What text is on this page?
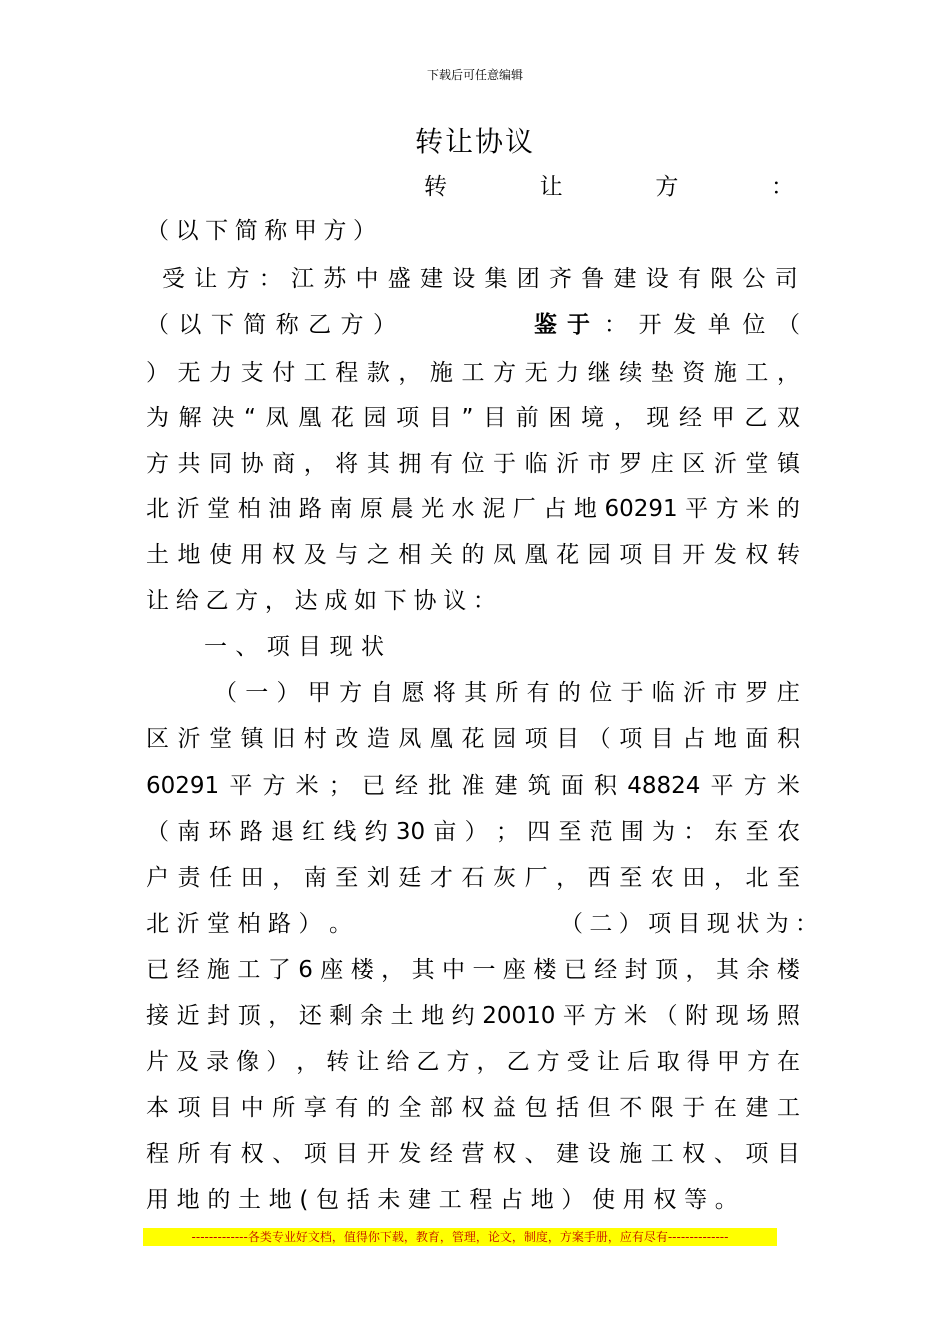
下载后可任意编辑
转让协议
转	让	方	：
（ 以 下 简 称 甲 方 ）
受 让 方 ： 江 苏 中 盛 建 设 集 团 齐 鲁 建 设 有 限 公 司
（ 以 下 简 称 乙 方 ）	鉴于 ： 开 发 单 位 （
） 无 力 支 付 工 程 款 ， 施 工 方 无 力 继 续 垫 资 施 工 ，
为 解 决 “ 凤 凰 花 园 项 目 ” 目 前 困 境 ， 现 经 甲 乙 双
方 共 同 协 商 ， 将 其 拥 有 位 于 临 沂 市 罗 庄 区 沂 堂 镇
北 沂 堂 柏 油 路 南 原 晨 光 水 泥 厂 占 地 60291 平 方 米 的
土 地 使 用 权 及 与 之 相 关 的 凤 凰 花 园 项 目 开 发 权 转
让 给 乙 方 ， 达 成 如 下 协 议 ：
一 、 项 目 现 状
（ 一 ） 甲 方 自 愿 将 其 所 有 的 位 于 临 沂 市 罗 庄
区 沂 堂 镇 旧 村 改 造 凤 凰 花 园 项 目 （ 项 目 占 地 面 积
60291 平 方 米 ； 已 经 批 准 建 筑 面 积 48824 平 方 米
（ 南 环 路 退 红 线 约 30 亩 ） ； 四 至 范 围 为 ： 东 至 农
户 责 任 田 ， 南 至 刘 廷 才 石 灰 厂 ， 西 至 农 田 ， 北 至
北 沂 堂 柏 路 ） 。	（ 二 ） 项 目 现 状 为 ：
已 经 施 工 了 6 座 楼 ， 其 中 一 座 楼 已 经 封 顶 ， 其 余 楼
接 近 封 顶 ， 还 剩 余 土 地 约 20010 平 方 米 （ 附 现 场 照
片 及 录 像 ） ， 转 让 给 乙 方 ， 乙 方 受 让 后 取 得 甲 方 在
本 项 目 中 所 享 有 的 全 部 权 益 包 括 但 不 限 于 在 建 工
程 所 有 权 、 项 目 开 发 经 营 权 、 建 设 施 工 权 、 项 目
用 地 的 土 地 ( 包 括 未 建 工 程 占 地 ） 使 用 权 等 。
-------------各类专业好文档，值得你下载，教育，管理，论文，制度，方案手册，应有尽有--------------
